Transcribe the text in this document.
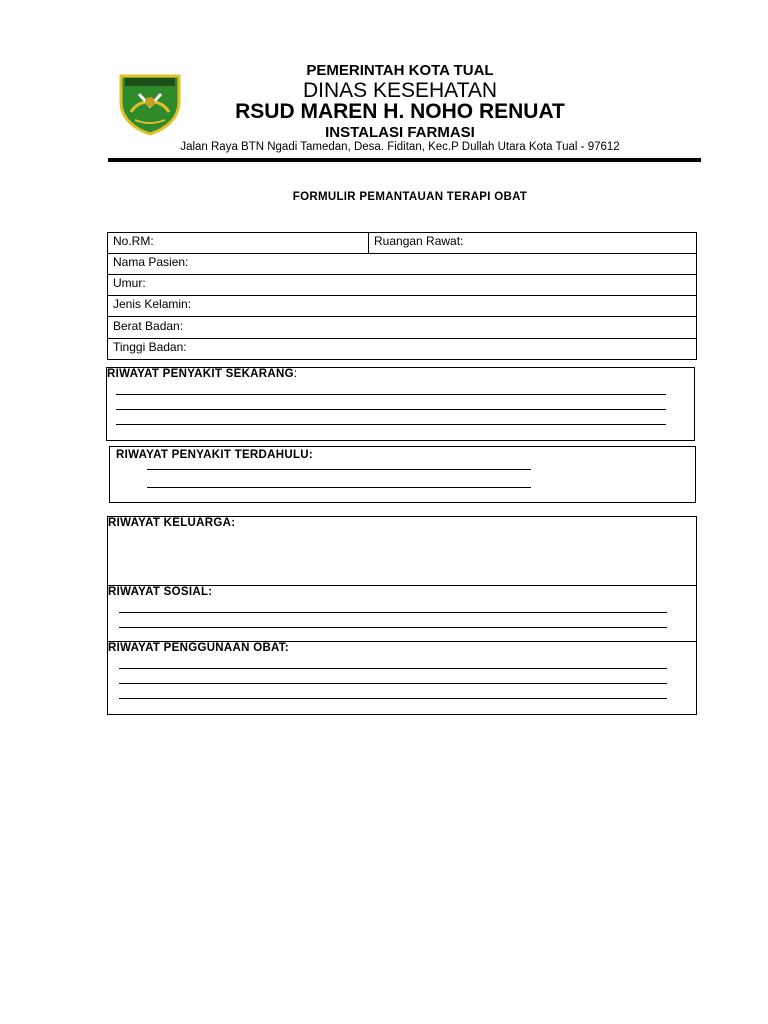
PEMERINTAH KOTA TUAL
DINAS KESEHATAN
RSUD MAREN H. NOHO RENUAT
INSTALASI FARMASI
Jalan Raya BTN Ngadi Tamedan, Desa. Fiditan, Kec.P Dullah Utara Kota Tual - 97612
FORMULIR PEMANTAUAN TERAPI OBAT
No.RM:	Ruangan Rawat:
Nama Pasien:
Umur:
Jenis Kelamin:
Berat Badan:
Tinggi Badan:
RIWAYAT PENYAKIT SEKARANG:
RIWAYAT PENYAKIT TERDAHULU:
RIWAYAT KELUARGA:
RIWAYAT SOSIAL:
RIWAYAT PENGGUNAAN OBAT:
